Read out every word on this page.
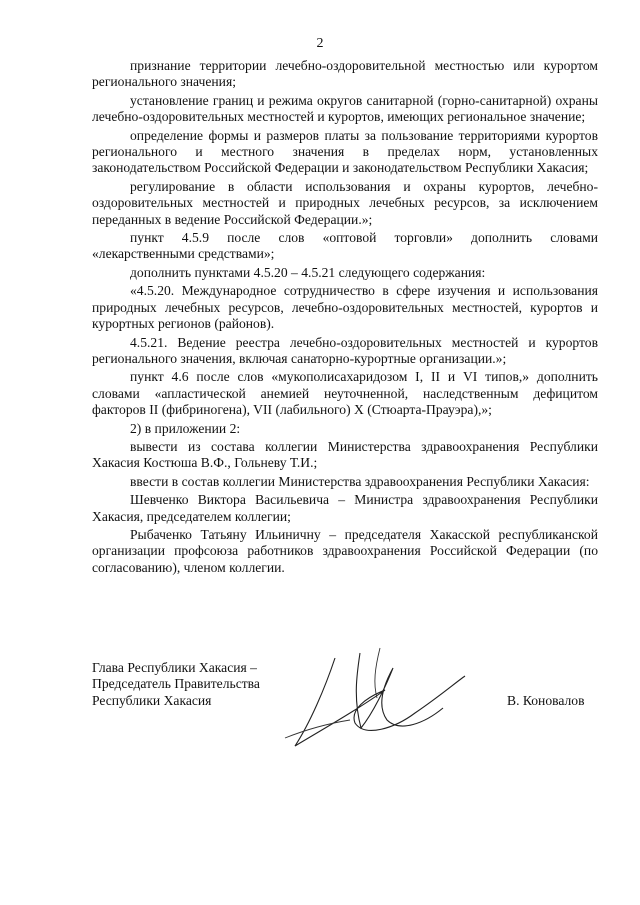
2

признание территории лечебно-оздоровительной местностью или курортом регионального значения;

установление границ и режима округов санитарной (горно-санитарной) охраны лечебно-оздоровительных местностей и курортов, имеющих региональное значение;

определение формы и размеров платы за пользование территориями курортов регионального и местного значения в пределах норм, установленных законодательством Российской Федерации и законодательством Республики Хакасия;

регулирование в области использования и охраны курортов, лечебно-оздоровительных местностей и природных лечебных ресурсов, за исключением переданных в ведение Российской Федерации.»;

пункт 4.5.9 после слов «оптовой торговли» дополнить словами «лекарственными средствами»;

дополнить пунктами 4.5.20 – 4.5.21 следующего содержания:

«4.5.20. Международное сотрудничество в сфере изучения и использования природных лечебных ресурсов, лечебно-оздоровительных местностей, курортов и курортных регионов (районов).

4.5.21. Ведение реестра лечебно-оздоровительных местностей и курортов регионального значения, включая санаторно-курортные организации.»;

пункт 4.6 после слов «мукополисахаридозом I, II и VI типов,» дополнить словами «апластической анемией неуточненной, наследственным дефицитом факторов II (фибриногена), VII (лабильного) X (Стюарта-Прауэра),»;

2) в приложении 2:

вывести из состава коллегии Министерства здравоохранения Республики Хакасия Костюша В.Ф., Гольневу Т.И.;

ввести в состав коллегии Министерства здравоохранения Республики Хакасия:

Шевченко Виктора Васильевича – Министра здравоохранения Республики Хакасия, председателем коллегии;

Рыбаченко Татьяну Ильиничну – председателя Хакасской республиканской организации профсоюза работников здравоохранения Российской Федерации (по согласованию), членом коллегии.

Глава Республики Хакасия –
Председатель Правительства
Республики Хакасия	В. Коновалов
